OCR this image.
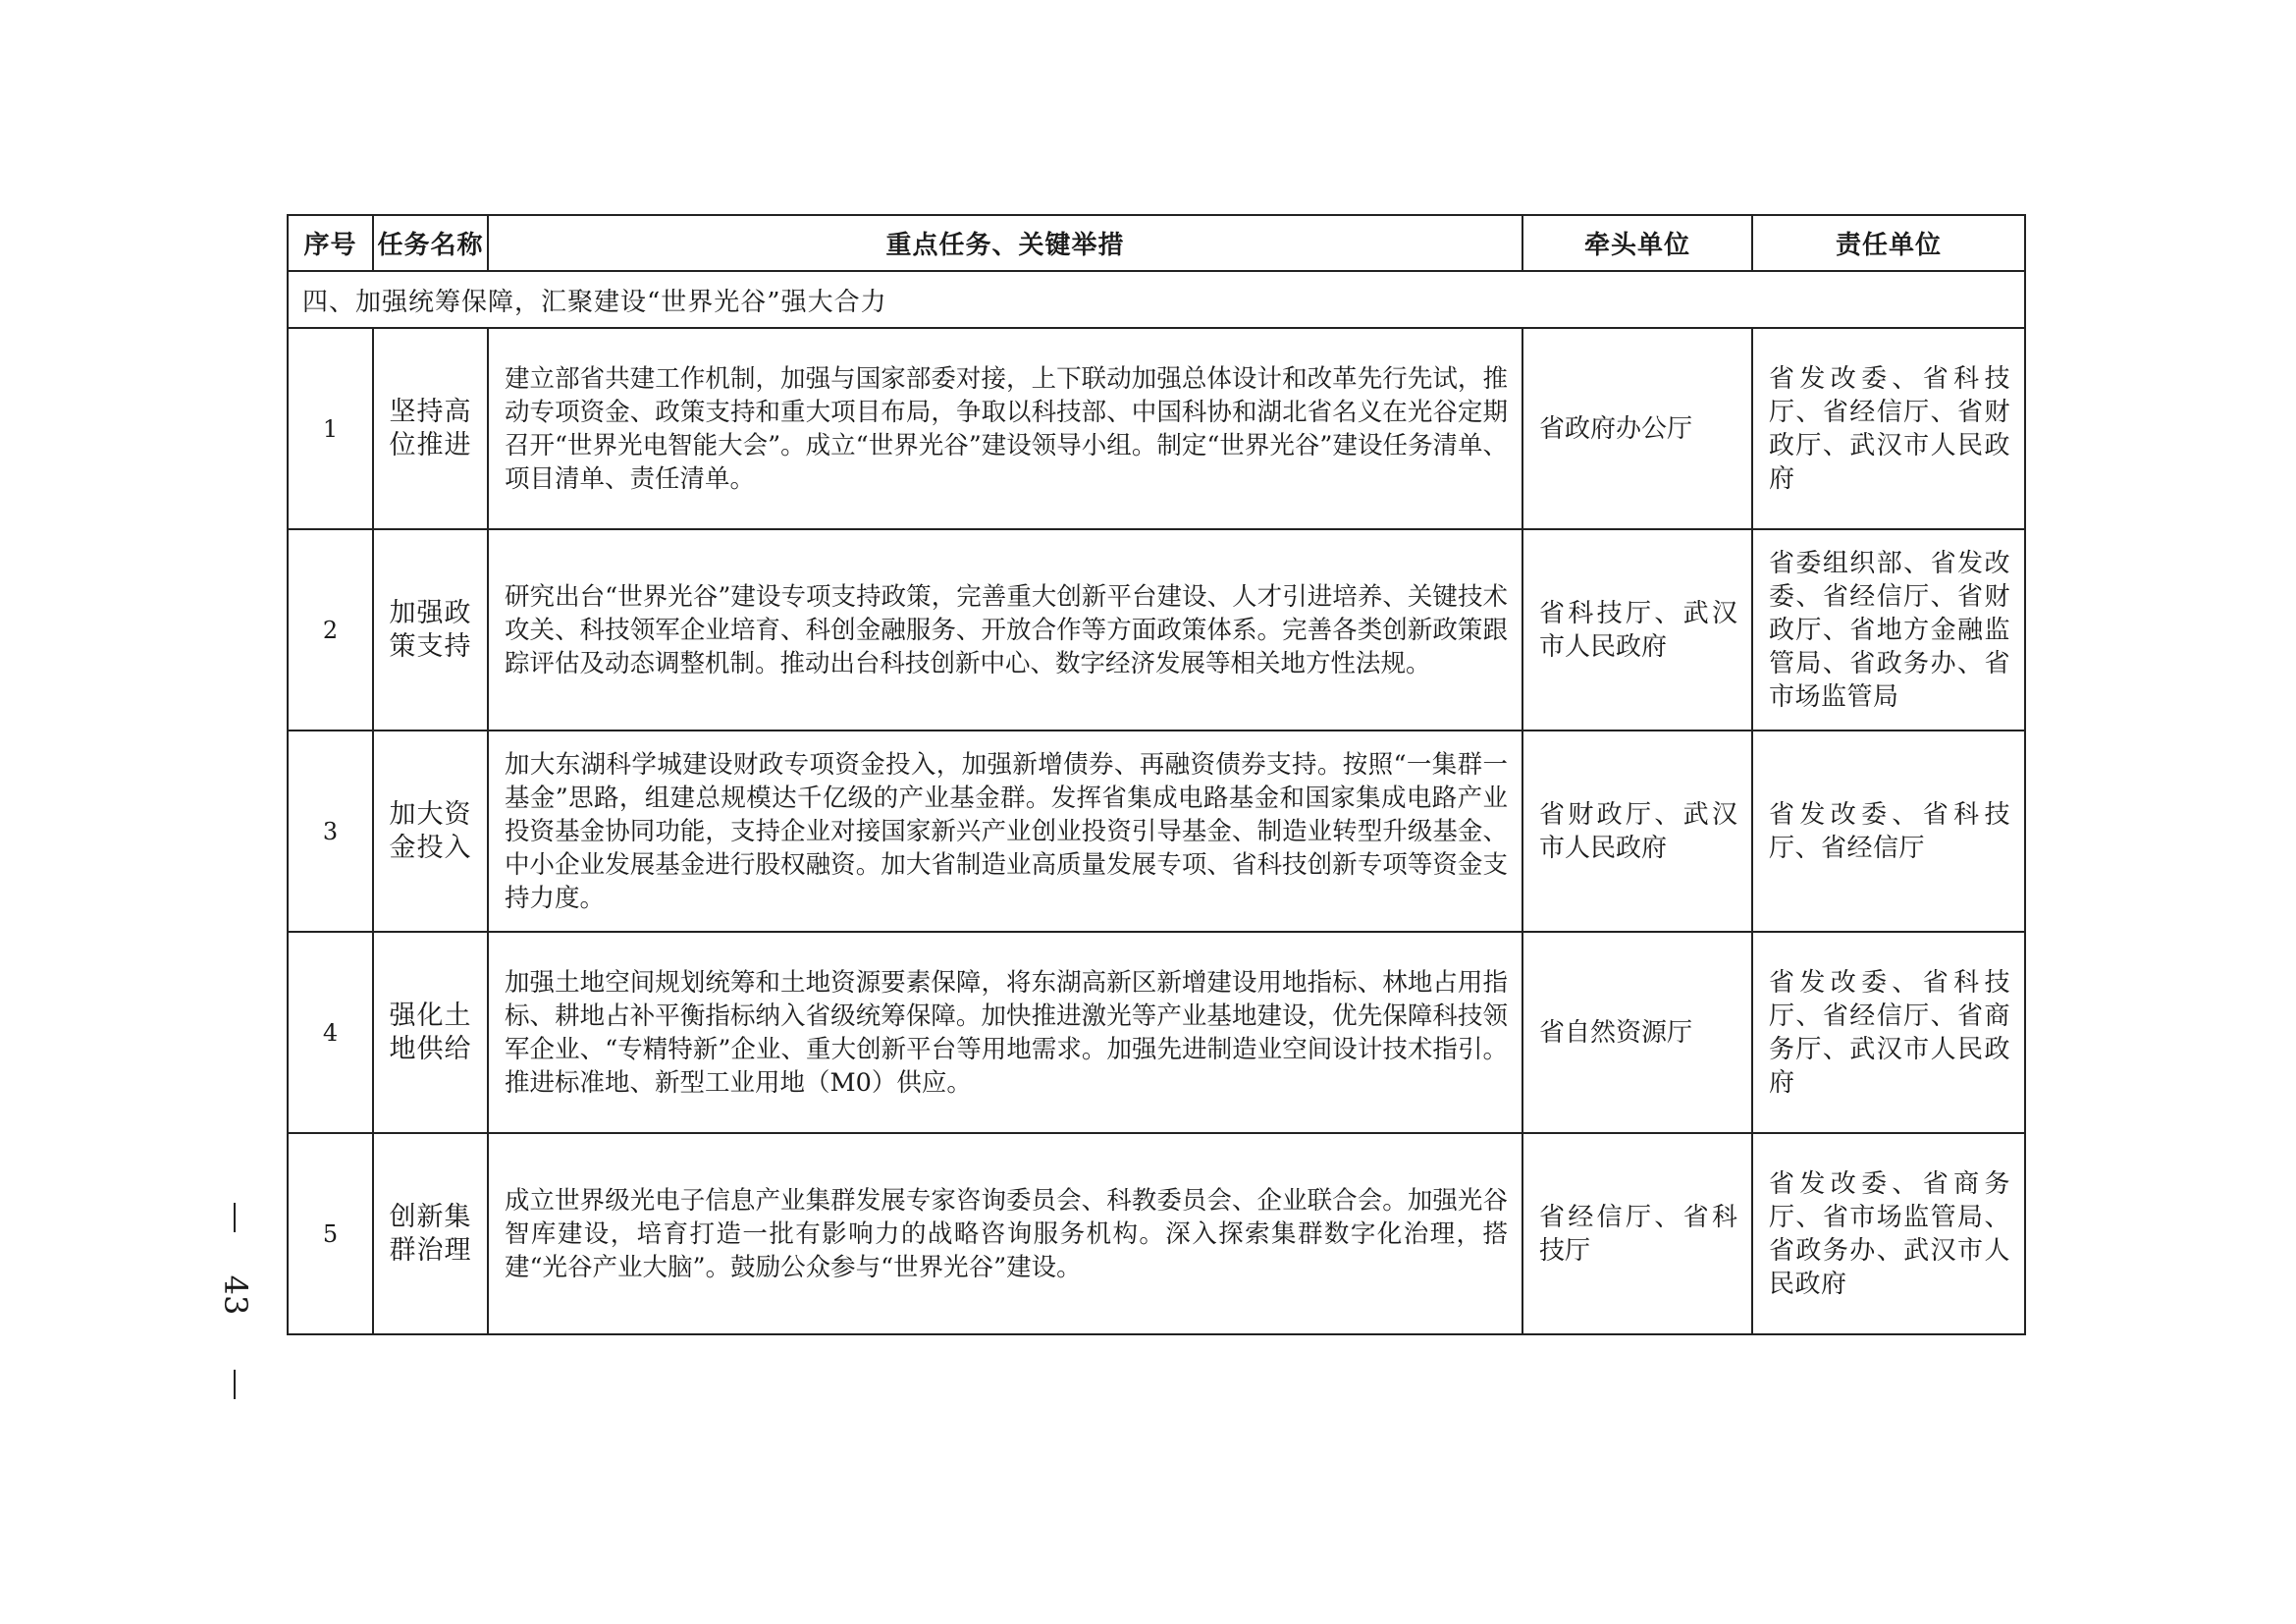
序号	任务名称	重点任务、关键举措	牵头单位	责任单位
四、加强统筹保障，汇聚建设“世界光谷”强大合力				
1	坚持高位推进	建立部省共建工作机制，加强与国家部委对接，上下联动加强总体设计和改革先行先试，推动专项资金、政策支持和重大项目布局，争取以科技部、中国科协和湖北省名义在光谷定期召开“世界光电智能大会”。成立“世界光谷”建设领导小组。制定“世界光谷”建设任务清单、项目清单、责任清单。	省政府办公厅	省发改委、省科技厅、省经信厅、省财政厅、武汉市人民政府
2	加强政策支持	研究出台“世界光谷”建设专项支持政策，完善重大创新平台建设、人才引进培养、关键技术攻关、科技领军企业培育、科创金融服务、开放合作等方面政策体系。完善各类创新政策跟踪评估及动态调整机制。推动出台科技创新中心、数字经济发展等相关地方性法规。	省科技厅、武汉市人民政府	省委组织部、省发改委、省经信厅、省财政厅、省地方金融监管局、省政务办、省市场监管局
3	加大资金投入	加大东湖科学城建设财政专项资金投入，加强新增债券、再融资债券支持。按照“一集群一基金”思路，组建总规模达千亿级的产业基金群。发挥省集成电路基金和国家集成电路产业投资基金协同功能，支持企业对接国家新兴产业创业投资引导基金、制造业转型升级基金、中小企业发展基金进行股权融资。加大省制造业高质量发展专项、省科技创新专项等资金支持力度。	省财政厅、武汉市人民政府	省发改委、省科技厅、省经信厅
4	强化土地供给	加强土地空间规划统筹和土地资源要素保障，将东湖高新区新增建设用地指标、林地占用指标、耕地占补平衡指标纳入省级统筹保障。加快推进激光等产业基地建设，优先保障科技领军企业、“专精特新”企业、重大创新平台等用地需求。加强先进制造业空间设计技术指引。推进标准地、新型工业用地（M0）供应。	省自然资源厅	省发改委、省科技厅、省经信厅、省商务厅、武汉市人民政府
5	创新集群治理	成立世界级光电子信息产业集群发展专家咨询委员会、科教委员会、企业联合会。加强光谷智库建设，培育打造一批有影响力的战略咨询服务机构。深入探索集群数字化治理，搭建“光谷产业大脑”。鼓励公众参与“世界光谷”建设。	省经信厅、省科技厅	省发改委、省商务厅、省市场监管局、省政务办、武汉市人民政府
43
